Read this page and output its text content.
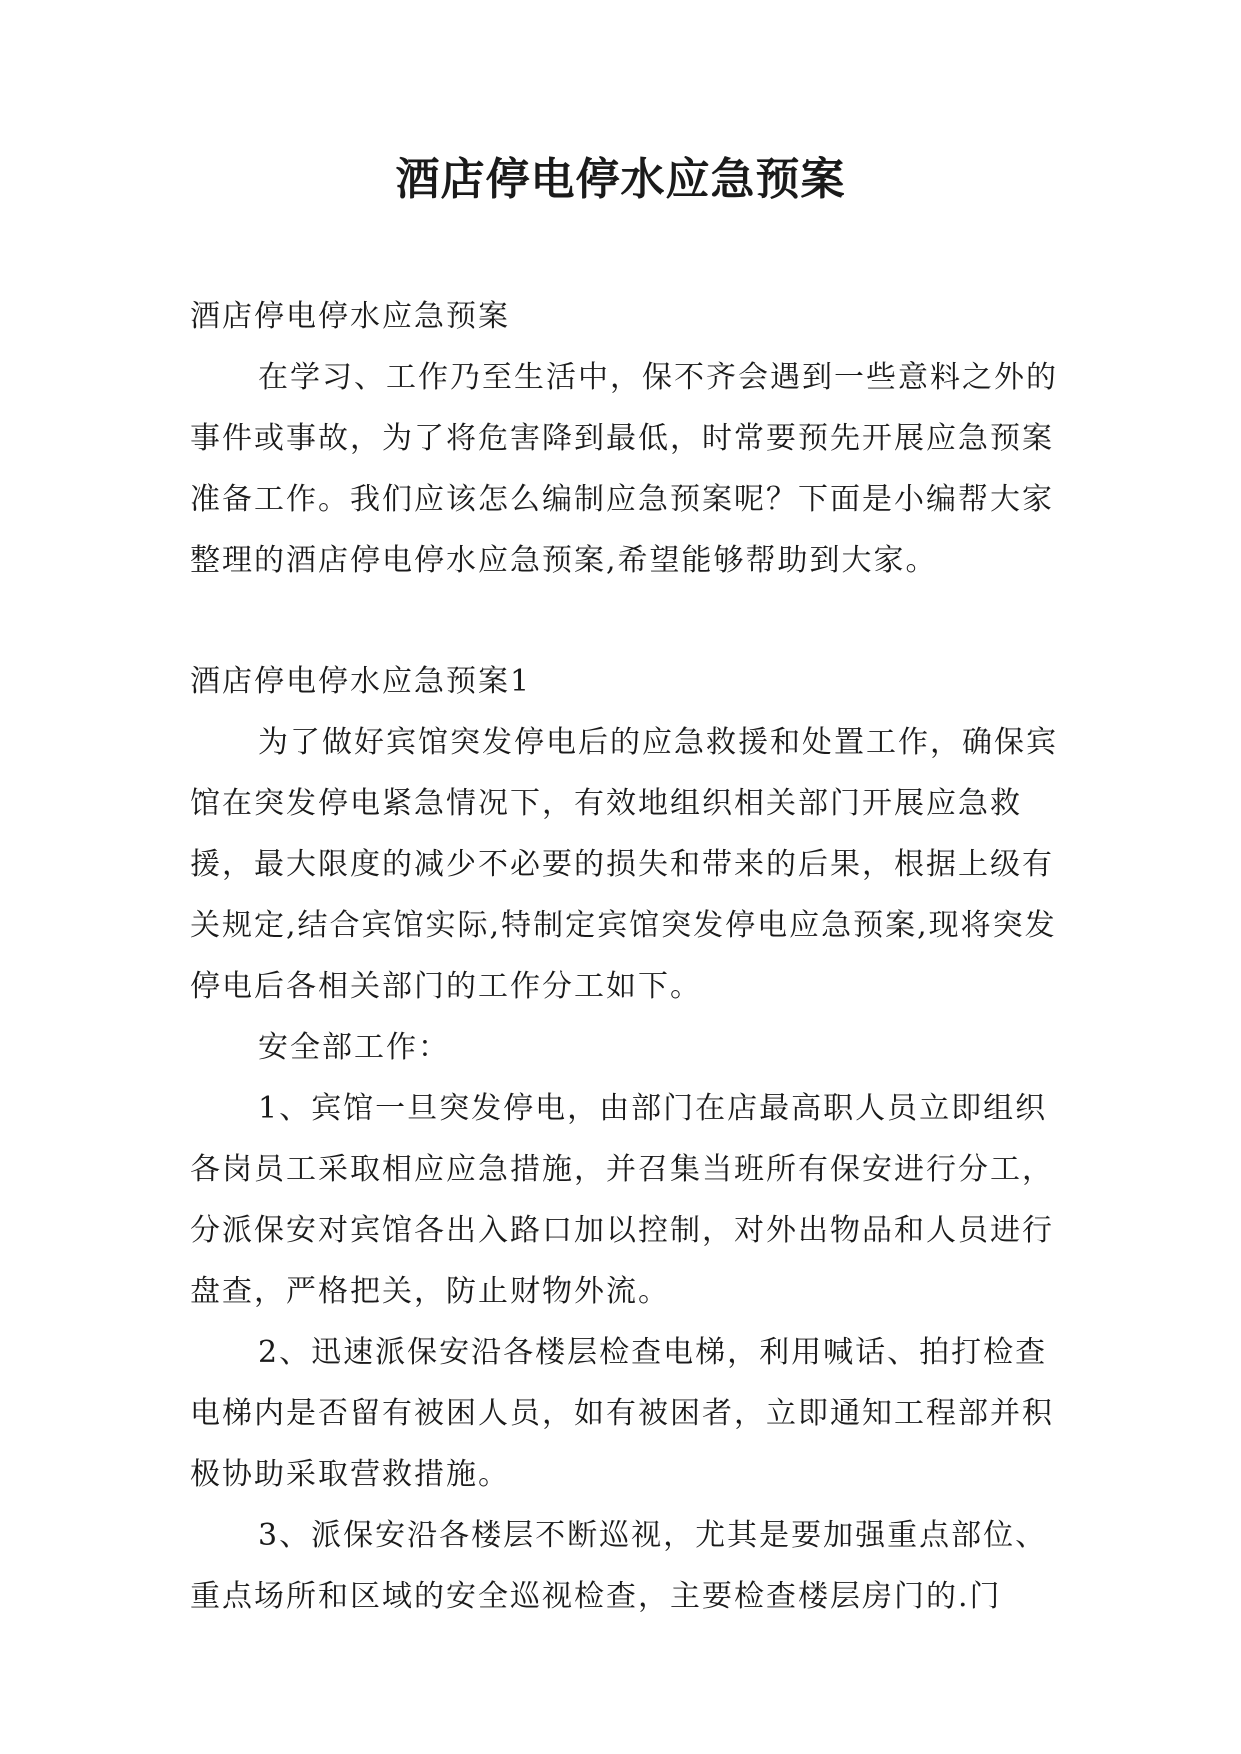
酒店停电停水应急预案

酒店停电停水应急预案

在学习、工作乃至生活中，保不齐会遇到一些意料之外的事件或事故，为了将危害降到最低，时常要预先开展应急预案准备工作。我们应该怎么编制应急预案呢？下面是小编帮大家整理的酒店停电停水应急预案,希望能够帮助到大家。

酒店停电停水应急预案1

为了做好宾馆突发停电后的应急救援和处置工作，确保宾馆在突发停电紧急情况下，有效地组织相关部门开展应急救援，最大限度的减少不必要的损失和带来的后果，根据上级有关规定,结合宾馆实际,特制定宾馆突发停电应急预案,现将突发停电后各相关部门的工作分工如下。

安全部工作：

1、宾馆一旦突发停电，由部门在店最高职人员立即组织各岗员工采取相应应急措施，并召集当班所有保安进行分工，分派保安对宾馆各出入路口加以控制，对外出物品和人员进行盘查，严格把关，防止财物外流。

2、迅速派保安沿各楼层检查电梯，利用喊话、拍打检查电梯内是否留有被困人员，如有被困者，立即通知工程部并积极协助采取营救措施。

3、派保安沿各楼层不断巡视，尤其是要加强重点部位、重点场所和区域的安全巡视检查，主要检查楼层房门的.门
